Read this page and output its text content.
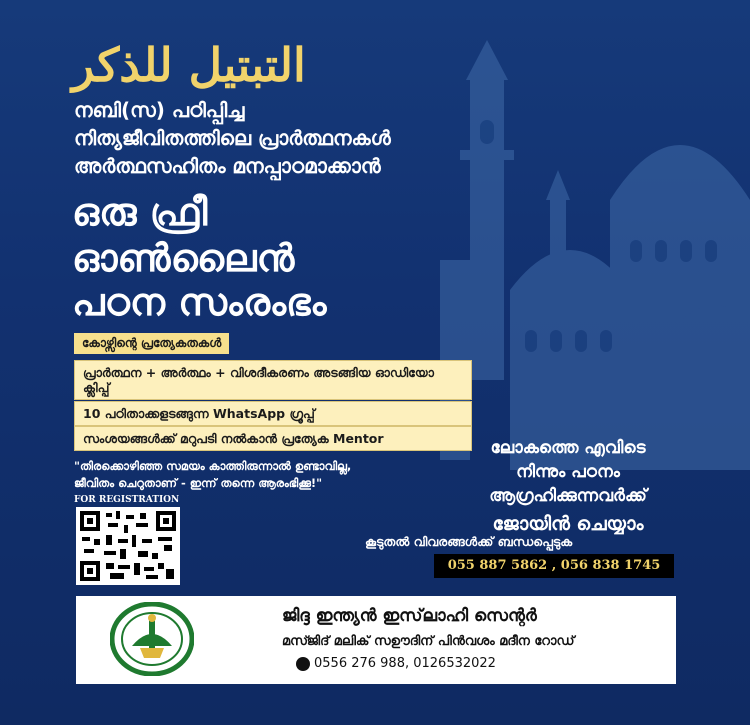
التبتيل للذكر
നബി(സ) പഠിപ്പിച്ച
നിത്യജീവിതത്തിലെ പ്രാർത്ഥനകൾ
അർത്ഥസഹിതം മനപ്പാഠമാക്കാൻ
ഒരു ഫ്രീ
ഓൺലൈൻ
പഠന സംരംഭം
കോഴ്സിന്റെ പ്രത്യേകതകൾ
പ്രാർത്ഥന + അർത്ഥം + വിശദീകരണം അടങ്ങിയ ഓഡിയോ ക്ലിപ്പ്
10 പഠിതാക്കളടങ്ങുന്ന WhatsApp ഗ്രൂപ്പ്
സംശയങ്ങൾക്ക് മറുപടി നൽകാൻ പ്രത്യേക Mentor
"തിരക്കൊഴിഞ്ഞ സമയം കാത്തിരുന്നാൽ ഉണ്ടാവില്ല,
ജീവിതം ചെറുതാണ് - ഇന്ന് തന്നെ ആരംഭിക്കൂ!"
FOR REGISTRATION
ലോകത്തെ എവിടെ
നിന്നും പഠനം
ആഗ്രഹിക്കുന്നവർക്ക്
ജോയിൻ ചെയ്യാം
കൂടുതൽ വിവരങ്ങൾക്ക് ബന്ധപ്പെടുക
055 887 5862 , 056 838 1745
ജിദ്ദ ഇന്ത്യൻ ഇസ്‌ലാഹി സെന്റർ
മസ്ജിദ് മലിക് സഊദിന് പിൻവശം മദീന റോഡ്
0556 276 988, 0126532022
